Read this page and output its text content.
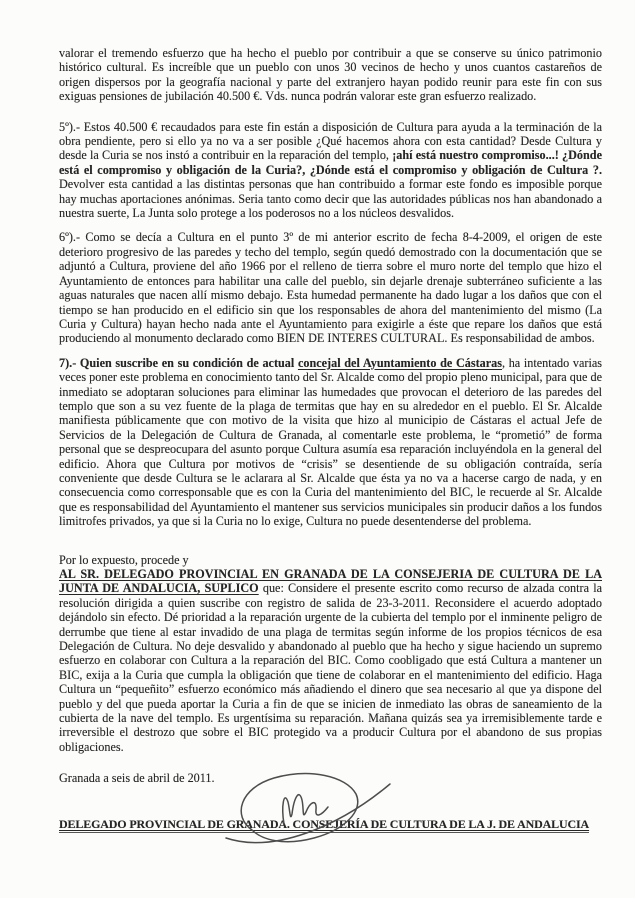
valorar el tremendo esfuerzo que ha hecho el pueblo por contribuir a que se conserve su único patrimonio histórico cultural. Es increíble que un pueblo con unos 30 vecinos de hecho y unos cuantos castareños de origen dispersos por la geografía nacional y parte del extranjero hayan podido reunir para este fin con sus exiguas pensiones de jubilación 40.500 €. Vds. nunca podrán valorar este gran esfuerzo realizado.

5º).- Estos 40.500 € recaudados para este fin están a disposición de Cultura para ayuda a la terminación de la obra pendiente, pero si ello ya no va a ser posible ¿Qué hacemos ahora con esta cantidad? Desde Cultura y desde la Curia se nos instó a contribuir en la reparación del templo, ¡ahí está nuestro compromiso...! ¿Dónde está el compromiso y obligación de la Curia?, ¿Dónde está el compromiso y obligación de Cultura ?. Devolver esta cantidad a las distintas personas que han contribuido a formar este fondo es imposible porque hay muchas aportaciones anónimas. Seria tanto como decir que las autoridades públicas nos han abandonado a nuestra suerte, La Junta solo protege a los poderosos no a los núcleos desvalidos.

6º).- Como se decía a Cultura en el punto 3º de mi anterior escrito de fecha 8-4-2009, el origen de este deterioro progresivo de las paredes y techo del templo, según quedó demostrado con la documentación que se adjuntó a Cultura, proviene del año 1966 por el relleno de tierra sobre el muro norte del templo que hizo el Ayuntamiento de entonces para habilitar una calle del pueblo, sin dejarle drenaje subterráneo suficiente a las aguas naturales que nacen allí mismo debajo. Esta humedad permanente ha dado lugar a los daños que con el tiempo se han producido en el edificio sin que los responsables de ahora del mantenimiento del mismo (La Curia y Cultura) hayan hecho nada ante el Ayuntamiento para exigirle a éste que repare los daños que está produciendo al monumento declarado como BIEN DE INTERES CULTURAL. Es responsabilidad de ambos.

7).- Quien suscribe en su condición de actual concejal del Ayuntamiento de Cástaras, ha intentado varias veces poner este problema en conocimiento tanto del Sr. Alcalde como del propio pleno municipal, para que de inmediato se adoptaran soluciones para eliminar las humedades que provocan el deterioro de las paredes del templo que son a su vez fuente de la plaga de termitas que hay en su alrededor en el pueblo. El Sr. Alcalde manifiesta públicamente que con motivo de la visita que hizo al municipio de Cástaras el actual Jefe de Servicios de la Delegación de Cultura de Granada, al comentarle este problema, le “prometió” de forma personal que se despreocupara del asunto porque Cultura asumía esa reparación incluyéndola en la general del edificio. Ahora que Cultura por motivos de “crisis” se desentiende de su obligación contraída, sería conveniente que desde Cultura se le aclarara al Sr. Alcalde que ésta ya no va a hacerse cargo de nada, y en consecuencia como corresponsable que es con la Curia del mantenimiento del BIC, le recuerde al Sr. Alcalde que es responsabilidad del Ayuntamiento el mantener sus servicios municipales sin producir daños a los fundos limitrofes privados, ya que si la Curia no lo exige, Cultura no puede desentenderse del problema.

Por lo expuesto, procede y

AL SR. DELEGADO PROVINCIAL EN GRANADA DE LA CONSEJERIA DE CULTURA DE LA JUNTA DE ANDALUCIA, SUPLICO que: Considere el presente escrito como recurso de alzada contra la resolución dirigida a quien suscribe con registro de salida de 23-3-2011. Reconsidere el acuerdo adoptado dejándolo sin efecto. Dé prioridad a la reparación urgente de la cubierta del templo por el inminente peligro de derrumbe que tiene al estar invadido de una plaga de termitas según informe de los propios técnicos de esa Delegación de Cultura. No deje desvalido y abandonado al pueblo que ha hecho y sigue haciendo un supremo esfuerzo en colaborar con Cultura a la reparación del BIC. Como coobligado que está Cultura a mantener un BIC, exija a la Curia que cumpla la obligación que tiene de colaborar en el mantenimiento del edificio. Haga Cultura un “pequeñito” esfuerzo económico más añadiendo el dinero que sea necesario al que ya dispone del pueblo y del que pueda aportar la Curia a fin de que se inicien de inmediato las obras de saneamiento de la cubierta de la nave del templo. Es urgentísima su reparación. Mañana quizás sea ya irremisiblemente tarde e irreversible el destrozo que sobre el BIC protegido va a producir Cultura por el abandono de sus propias obligaciones.

Granada a seis de abril de 2011.

DELEGADO PROVINCIAL DE GRANADA. CONSEJERÍA DE CULTURA DE LA J. DE ANDALUCIA
